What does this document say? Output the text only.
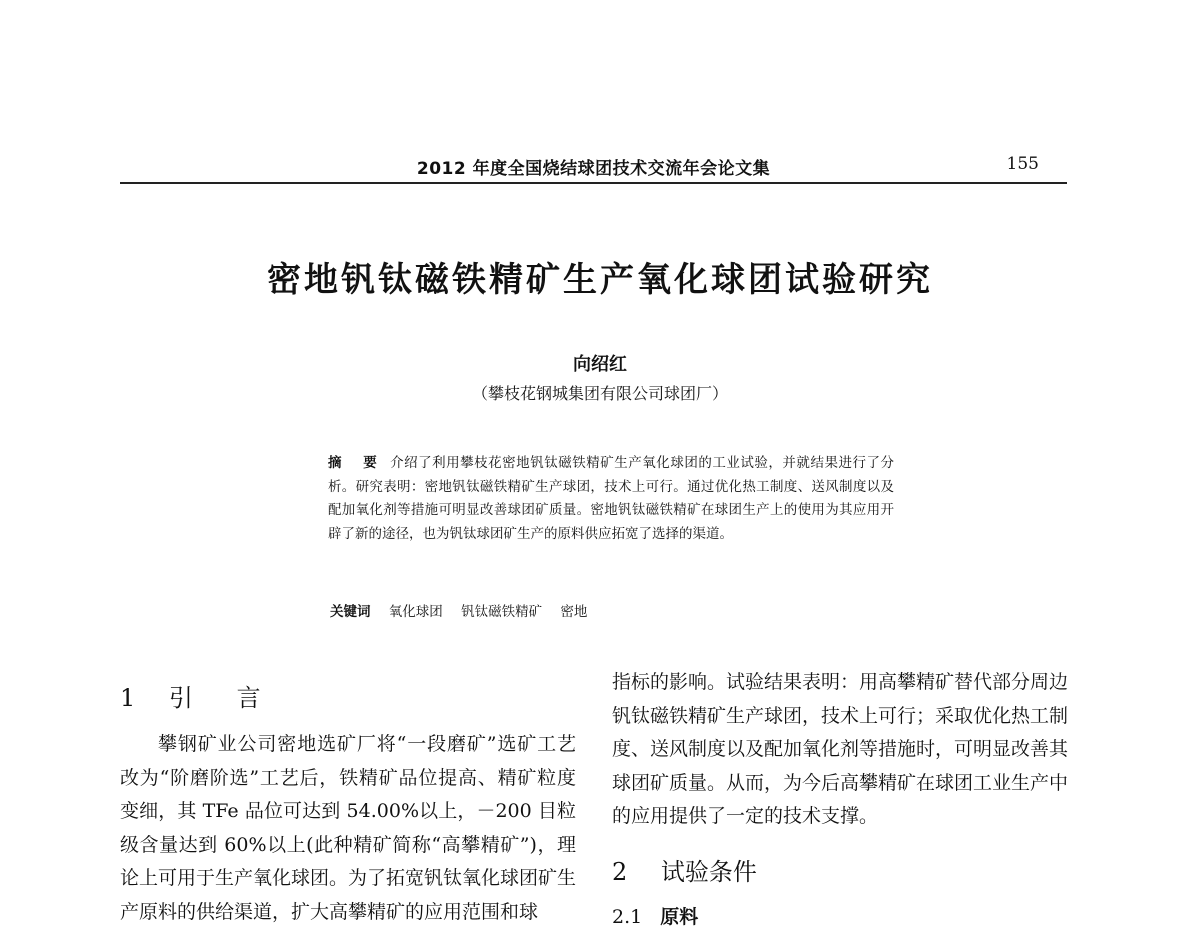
2012 年度全国烧结球团技术交流年会论文集	155
密地钒钛磁铁精矿生产氧化球团试验研究
向绍红
（攀枝花钢城集团有限公司球团厂）
摘 要 介绍了利用攀枝花密地钒钛磁铁精矿生产氧化球团的工业试验，并就结果进行了分析。研究表明：密地钒钛磁铁精矿生产球团，技术上可行。通过优化热工制度、送风制度以及配加氧化剂等措施可明显改善球团矿质量。密地钒钛磁铁精矿在球团生产上的使用为其应用开辟了新的途径，也为钒钛球团矿生产的原料供应拓宽了选择的渠道。
关键词 氧化球团 钒钛磁铁精矿 密地
1 引 言

攀钢矿业公司密地选矿厂将“一段磨矿”选矿工艺改为“阶磨阶选”工艺后，铁精矿品位提高、精矿粒度变细，其 TFe 品位可达到 54.00%以上，－200 目粒级含量达到 60%以上(此种精矿简称“高攀精矿”)，理论上可用于生产氧化球团。为了拓宽钒钛氧化球团矿生产原料的供给渠道，扩大高攀精矿的应用范围和球

指标的影响。试验结果表明：用高攀精矿替代部分周边钒钛磁铁精矿生产球团，技术上可行；采取优化热工制度、送风制度以及配加氧化剂等措施时，可明显改善其球团矿质量。从而，为今后高攀精矿在球团工业生产中的应用提供了一定的技术支撑。

2 试验条件
2.1 原料
